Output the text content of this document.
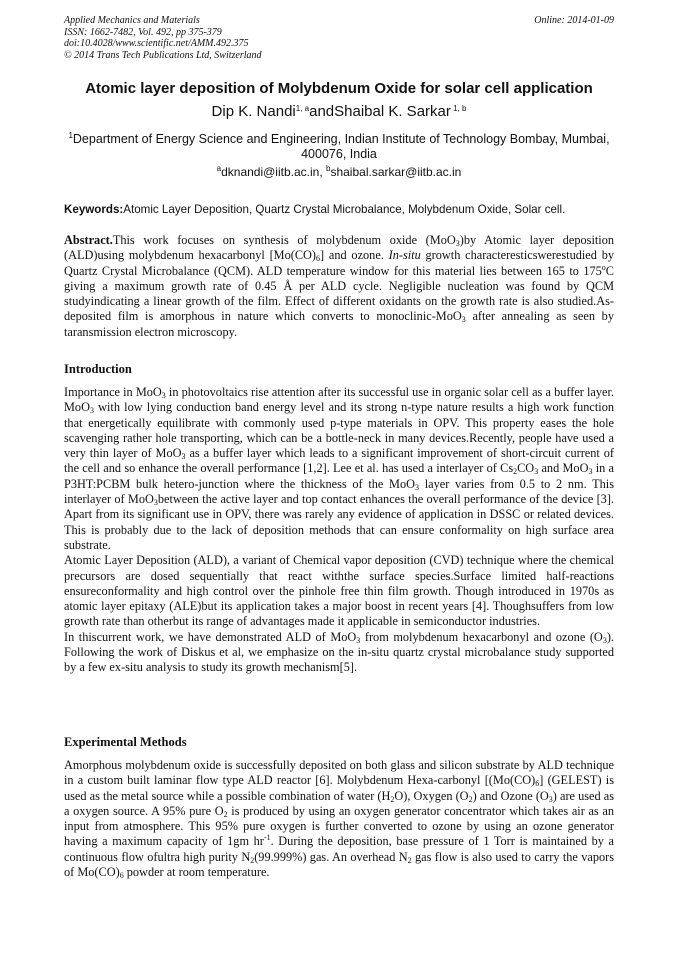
Applied Mechanics and Materials
ISSN: 1662-7482, Vol. 492, pp 375-379
doi:10.4028/www.scientific.net/AMM.492.375
© 2014 Trans Tech Publications Ltd, Switzerland
Online: 2014-01-09
Atomic layer deposition of Molybdenum Oxide for solar cell application
Dip K. Nandi$^{1, a}$andShaibal K. Sarkar $^{1, b}$
$^1$Department of Energy Science and Engineering, Indian Institute of Technology Bombay, Mumbai, 400076, India
$^a$dknandi@iitb.ac.in, $^b$shaibal.sarkar@iitb.ac.in
Keywords:Atomic Layer Deposition, Quartz Crystal Microbalance, Molybdenum Oxide, Solar cell.

Abstract.This work focuses on synthesis of molybdenum oxide (MoO$_3$)by Atomic layer deposition (ALD)using molybdenum hexacarbonyl $[Mo(CO)_6]$ and ozone. In-situ growth characteresticswerestudied by Quartz Crystal Microbalance (QCM). ALD temperature window for this material lies between 165 to 175$^o$C giving a maximum growth rate of 0.45 Å per ALD cycle. Negligible nucleation was found by QCM studyindicating a linear growth of the film. Effect of different oxidants on the growth rate is also studied.As-deposited film is amorphous in nature which converts to monoclinic-MoO$_3$ after annealing as seen by taransmission electron microscopy.

Introduction

Importance in MoO$_3$ in photovoltaics rise attention after its successful use in organic solar cell as a buffer layer. MoO$_3$ with low lying conduction band energy level and its strong n-type nature results a high work function that energetically equilibrate with commonly used p-type materials in OPV. This property eases the hole scavenging rather hole transporting, which can be a bottle-neck in many devices.Recently, people have used a very thin layer of MoO$_3$ as a buffer layer which leads to a significant improvement of short-circuit current of the cell and so enhance the overall performance [1,2]. Lee et al. has used a interlayer of $Cs_2CO_3$ and MoO$_3$ in a P3HT:PCBM bulk hetero-junction where the thickness of the MoO$_3$ layer varies from 0.5 to 2 nm. This interlayer of MoO$_3$between the active layer and top contact enhances the overall performance of the device [3]. Apart from its significant use in OPV, there was rarely any evidence of application in DSSC or related devices. This is probably due to the lack of deposition methods that can ensure conformality on high surface area substrate.

Atomic Layer Deposition (ALD), a variant of Chemical vapor deposition (CVD) technique where the chemical precursors are dosed sequentially that react withthe surface species.Surface limited half-reactions ensureconformality and high control over the pinhole free thin film growth. Though introduced in 1970s as atomic layer epitaxy (ALE)but its application takes a major boost in recent years [4]. Thoughsuffers from low growth rate than otherbut its range of advantages made it applicable in semiconductor industries.

In thiscurrent work, we have demonstrated ALD of MoO$_3$ from molybdenum hexacarbonyl and ozone $(O_3)$. Following the work of Diskus et al, we emphasize on the in-situ quartz crystal microbalance study supported by a few ex-situ analysis to study its growth mechanism[5].

Experimental Methods

Amorphous molybdenum oxide is successfully deposited on both glass and silicon substrate by ALD technique in a custom built laminar flow type ALD reactor [6]. Molybdenum Hexa-carbonyl [$(Mo(CO)_6]$ (GELEST) is used as the metal source while a possible combination of water $(H_2O)$, Oxygen $(O_2)$ and Ozone $(O_3)$ are used as a oxygen source. A 95% pure $O_2$ is produced by using an oxygen generator concentrator which takes air as an input from atmosphere. This 95% pure oxygen is further converted to ozone by using an ozone generator having a maximum capacity of 1gm $hr^{-1}$. During the deposition, base pressure of 1 Torr is maintained by a continuous flow ofultra high purity $N_2(99.999\%)$ gas. An overhead $N_2$ gas flow is also used to carry the vapors of $Mo(CO)_6$ powder at room temperature.
